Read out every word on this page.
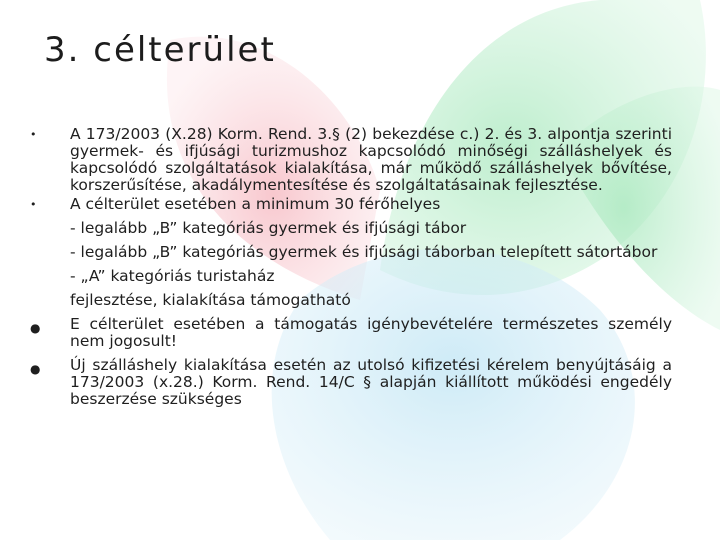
3. célterület
•	A 173/2003 (X.28) Korm. Rend. 3.§ (2) bekezdése c.) 2. és 3. alpontja szerinti gyermek- és ifjúsági turizmushoz kapcsolódó minőségi szálláshelyek és kapcsolódó szolgáltatások kialakítása, már működő szálláshelyek bővítése, korszerűsítése, akadálymentesítése és szolgáltatásainak fejlesztése.
•	A célterület esetében a minimum 30 férőhelyes
- legalább „B” kategóriás gyermek és ifjúsági tábor
- legalább „B” kategóriás gyermek és ifjúsági táborban telepített sátortábor
- „A” kategóriás turistaház
fejlesztése, kialakítása támogatható
● E célterület esetében a támogatás igénybevételére természetes személy nem jogosult!
● Új szálláshely kialakítása esetén az utolsó kifizetési kérelem benyújtásáig a 173/2003 (x.28.) Korm. Rend. 14/C § alapján kiállított működési engedély beszerzése szükséges
